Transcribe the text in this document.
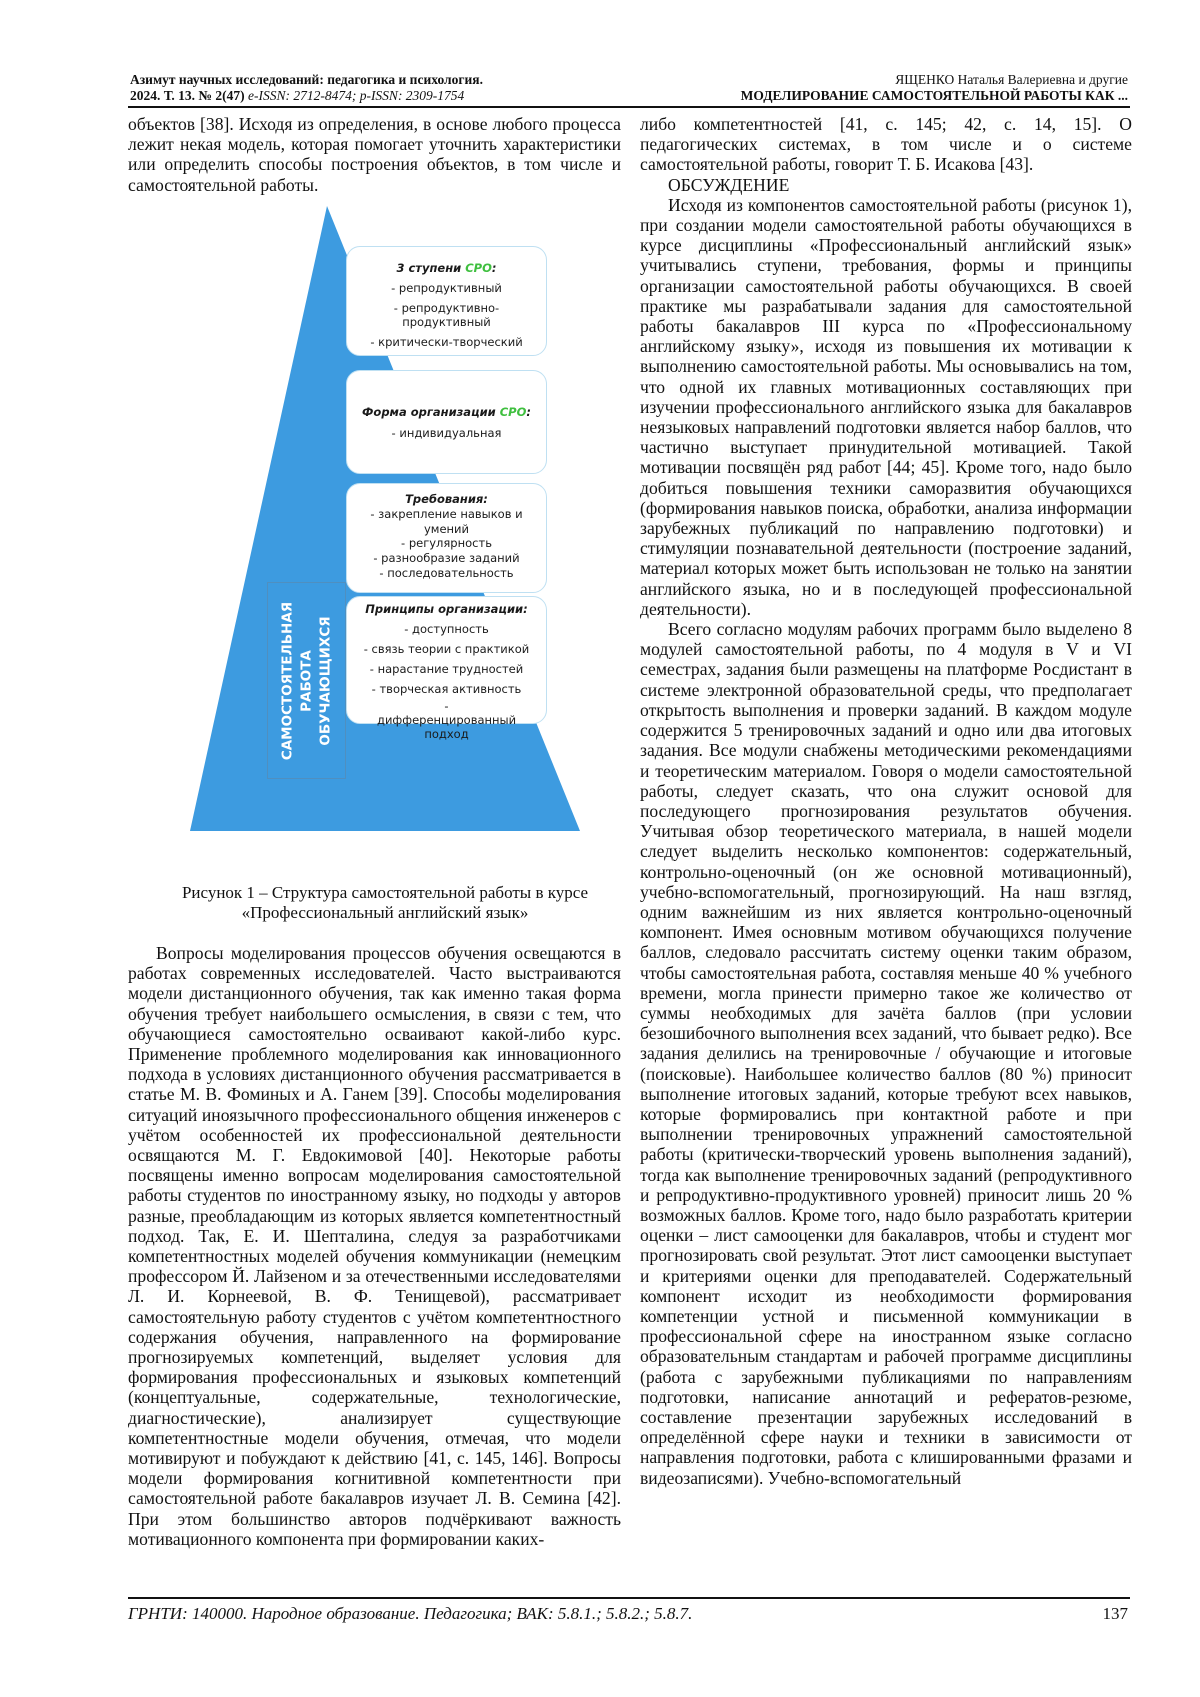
Азимут научных исследований: педагогика и психология.
2024. Т. 13. № 2(47) e-ISSN: 2712-8474; p-ISSN: 2309-1754
ЯЩЕНКО Наталья Валериевна и другие
МОДЕЛИРОВАНИЕ САМОСТОЯТЕЛЬНОЙ РАБОТЫ КАК ...

объектов [38]. Исходя из определения, в основе любого процесса лежит некая модель, которая помогает уточнить характеристики или определить способы построения объектов, в том числе и самостоятельной работы.

САМОСТОЯТЕЛЬНАЯ РАБОТА ОБУЧАЮЩИХСЯ
3 ступени СРО:
- репродуктивный
- репродуктивно-продуктивный
- критически-творческий
Форма организации СРО:
- индивидуальная
Требования:
- закрепление навыков и умений
- регулярность
- разнообразие заданий
- последовательность
Принципы организации:
- доступность
- связь теории с практикой
- нарастание трудностей
- творческая активность
- дифференцированный подход
Рисунок 1 – Структура самостоятельной работы в курсе «Профессиональный английский язык»

Вопросы моделирования процессов обучения освещаются в работах современных исследователей. Часто выстраиваются модели дистанционного обучения, так как именно такая форма обучения требует наибольшего осмысления, в связи с тем, что обучающиеся самостоятельно осваивают какой-либо курс. Применение проблемного моделирования как инновационного подхода в условиях дистанционного обучения рассматривается в статье М. В. Фоминых и А. Ганем [39]. Способы моделирования ситуаций иноязычного профессионального общения инженеров с учётом особенностей их профессиональной деятельности освящаются М. Г. Евдокимовой [40]. Некоторые работы посвящены именно вопросам моделирования самостоятельной работы студентов по иностранному языку, но подходы у авторов разные, преобладающим из которых является компетентностный подход. Так, Е. И. Шепталина, следуя за разработчиками компетентностных моделей обучения коммуникации (немецким профессором Й. Лайзеном и за отечественными исследователями Л. И. Корнеевой, В. Ф. Тенищевой), рассматривает самостоятельную работу студентов с учётом компетентностного содержания обучения, направленного на формирование прогнозируемых компетенций, выделяет условия для формирования профессиональных и языковых компетенций (концептуальные, содержательные, технологические, диагностические), анализирует существующие компетентностные модели обучения, отмечая, что модели мотивируют и побуждают к действию [41, с. 145, 146]. Вопросы модели формирования когнитивной компетентности при самостоятельной работе бакалавров изучает Л. В. Семина [42]. При этом большинство авторов подчёркивают важность мотивационного компонента при формировании каких-

либо компетентностей [41, с. 145; 42, с. 14, 15]. О педагогических системах, в том числе и о системе самостоятельной работы, говорит Т. Б. Исакова [43].

ОБСУЖДЕНИЕ

Исходя из компонентов самостоятельной работы (рисунок 1), при создании модели самостоятельной работы обучающихся в курсе дисциплины «Профессиональный английский язык» учитывались ступени, требования, формы и принципы организации самостоятельной работы обучающихся. В своей практике мы разрабатывали задания для самостоятельной работы бакалавров III курса по «Профессиональному английскому языку», исходя из повышения их мотивации к выполнению самостоятельной работы. Мы основывались на том, что одной их главных мотивационных составляющих при изучении профессионального английского языка для бакалавров неязыковых направлений подготовки является набор баллов, что частично выступает принудительной мотивацией. Такой мотивации посвящён ряд работ [44; 45]. Кроме того, надо было добиться повышения техники саморазвития обучающихся (формирования навыков поиска, обработки, анализа информации зарубежных публикаций по направлению подготовки) и стимуляции познавательной деятельности (построение заданий, материал которых может быть использован не только на занятии английского языка, но и в последующей профессиональной деятельности).

Всего согласно модулям рабочих программ было выделено 8 модулей самостоятельной работы, по 4 модуля в V и VI семестрах, задания были размещены на платформе Росдистант в системе электронной образовательной среды, что предполагает открытость выполнения и проверки заданий. В каждом модуле содержится 5 тренировочных заданий и одно или два итоговых задания. Все модули снабжены методическими рекомендациями и теоретическим материалом. Говоря о модели самостоятельной работы, следует сказать, что она служит основой для последующего прогнозирования результатов обучения. Учитывая обзор теоретического материала, в нашей модели следует выделить несколько компонентов: содержательный, контрольно-оценочный (он же основной мотивационный), учебно-вспомогательный, прогнозирующий. На наш взгляд, одним важнейшим из них является контрольно-оценочный компонент. Имея основным мотивом обучающихся получение баллов, следовало рассчитать систему оценки таким образом, чтобы самостоятельная работа, составляя меньше 40 % учебного времени, могла принести примерно такое же количество от суммы необходимых для зачёта баллов (при условии безошибочного выполнения всех заданий, что бывает редко). Все задания делились на тренировочные / обучающие и итоговые (поисковые). Наибольшее количество баллов (80 %) приносит выполнение итоговых заданий, которые требуют всех навыков, которые формировались при контактной работе и при выполнении тренировочных упражнений самостоятельной работы (критически-творческий уровень выполнения заданий), тогда как выполнение тренировочных заданий (репродуктивного и репродуктивно-продуктивного уровней) приносит лишь 20 % возможных баллов. Кроме того, надо было разработать критерии оценки – лист самооценки для бакалавров, чтобы и студент мог прогнозировать свой результат. Этот лист самооценки выступает и критериями оценки для преподавателей. Содержательный компонент исходит из необходимости формирования компетенции устной и письменной коммуникации в профессиональной сфере на иностранном языке согласно образовательным стандартам и рабочей программе дисциплины (работа с зарубежными публикациями по направлениям подготовки, написание аннотаций и рефератов-резюме, составление презентации зарубежных исследований в определённой сфере науки и техники в зависимости от направления подготовки, работа с клишированными фразами и видеозаписями). Учебно-вспомогательный

ГРНТИ: 140000. Народное образование. Педагогика; ВАК: 5.8.1.; 5.8.2.; 5.8.7.	137
